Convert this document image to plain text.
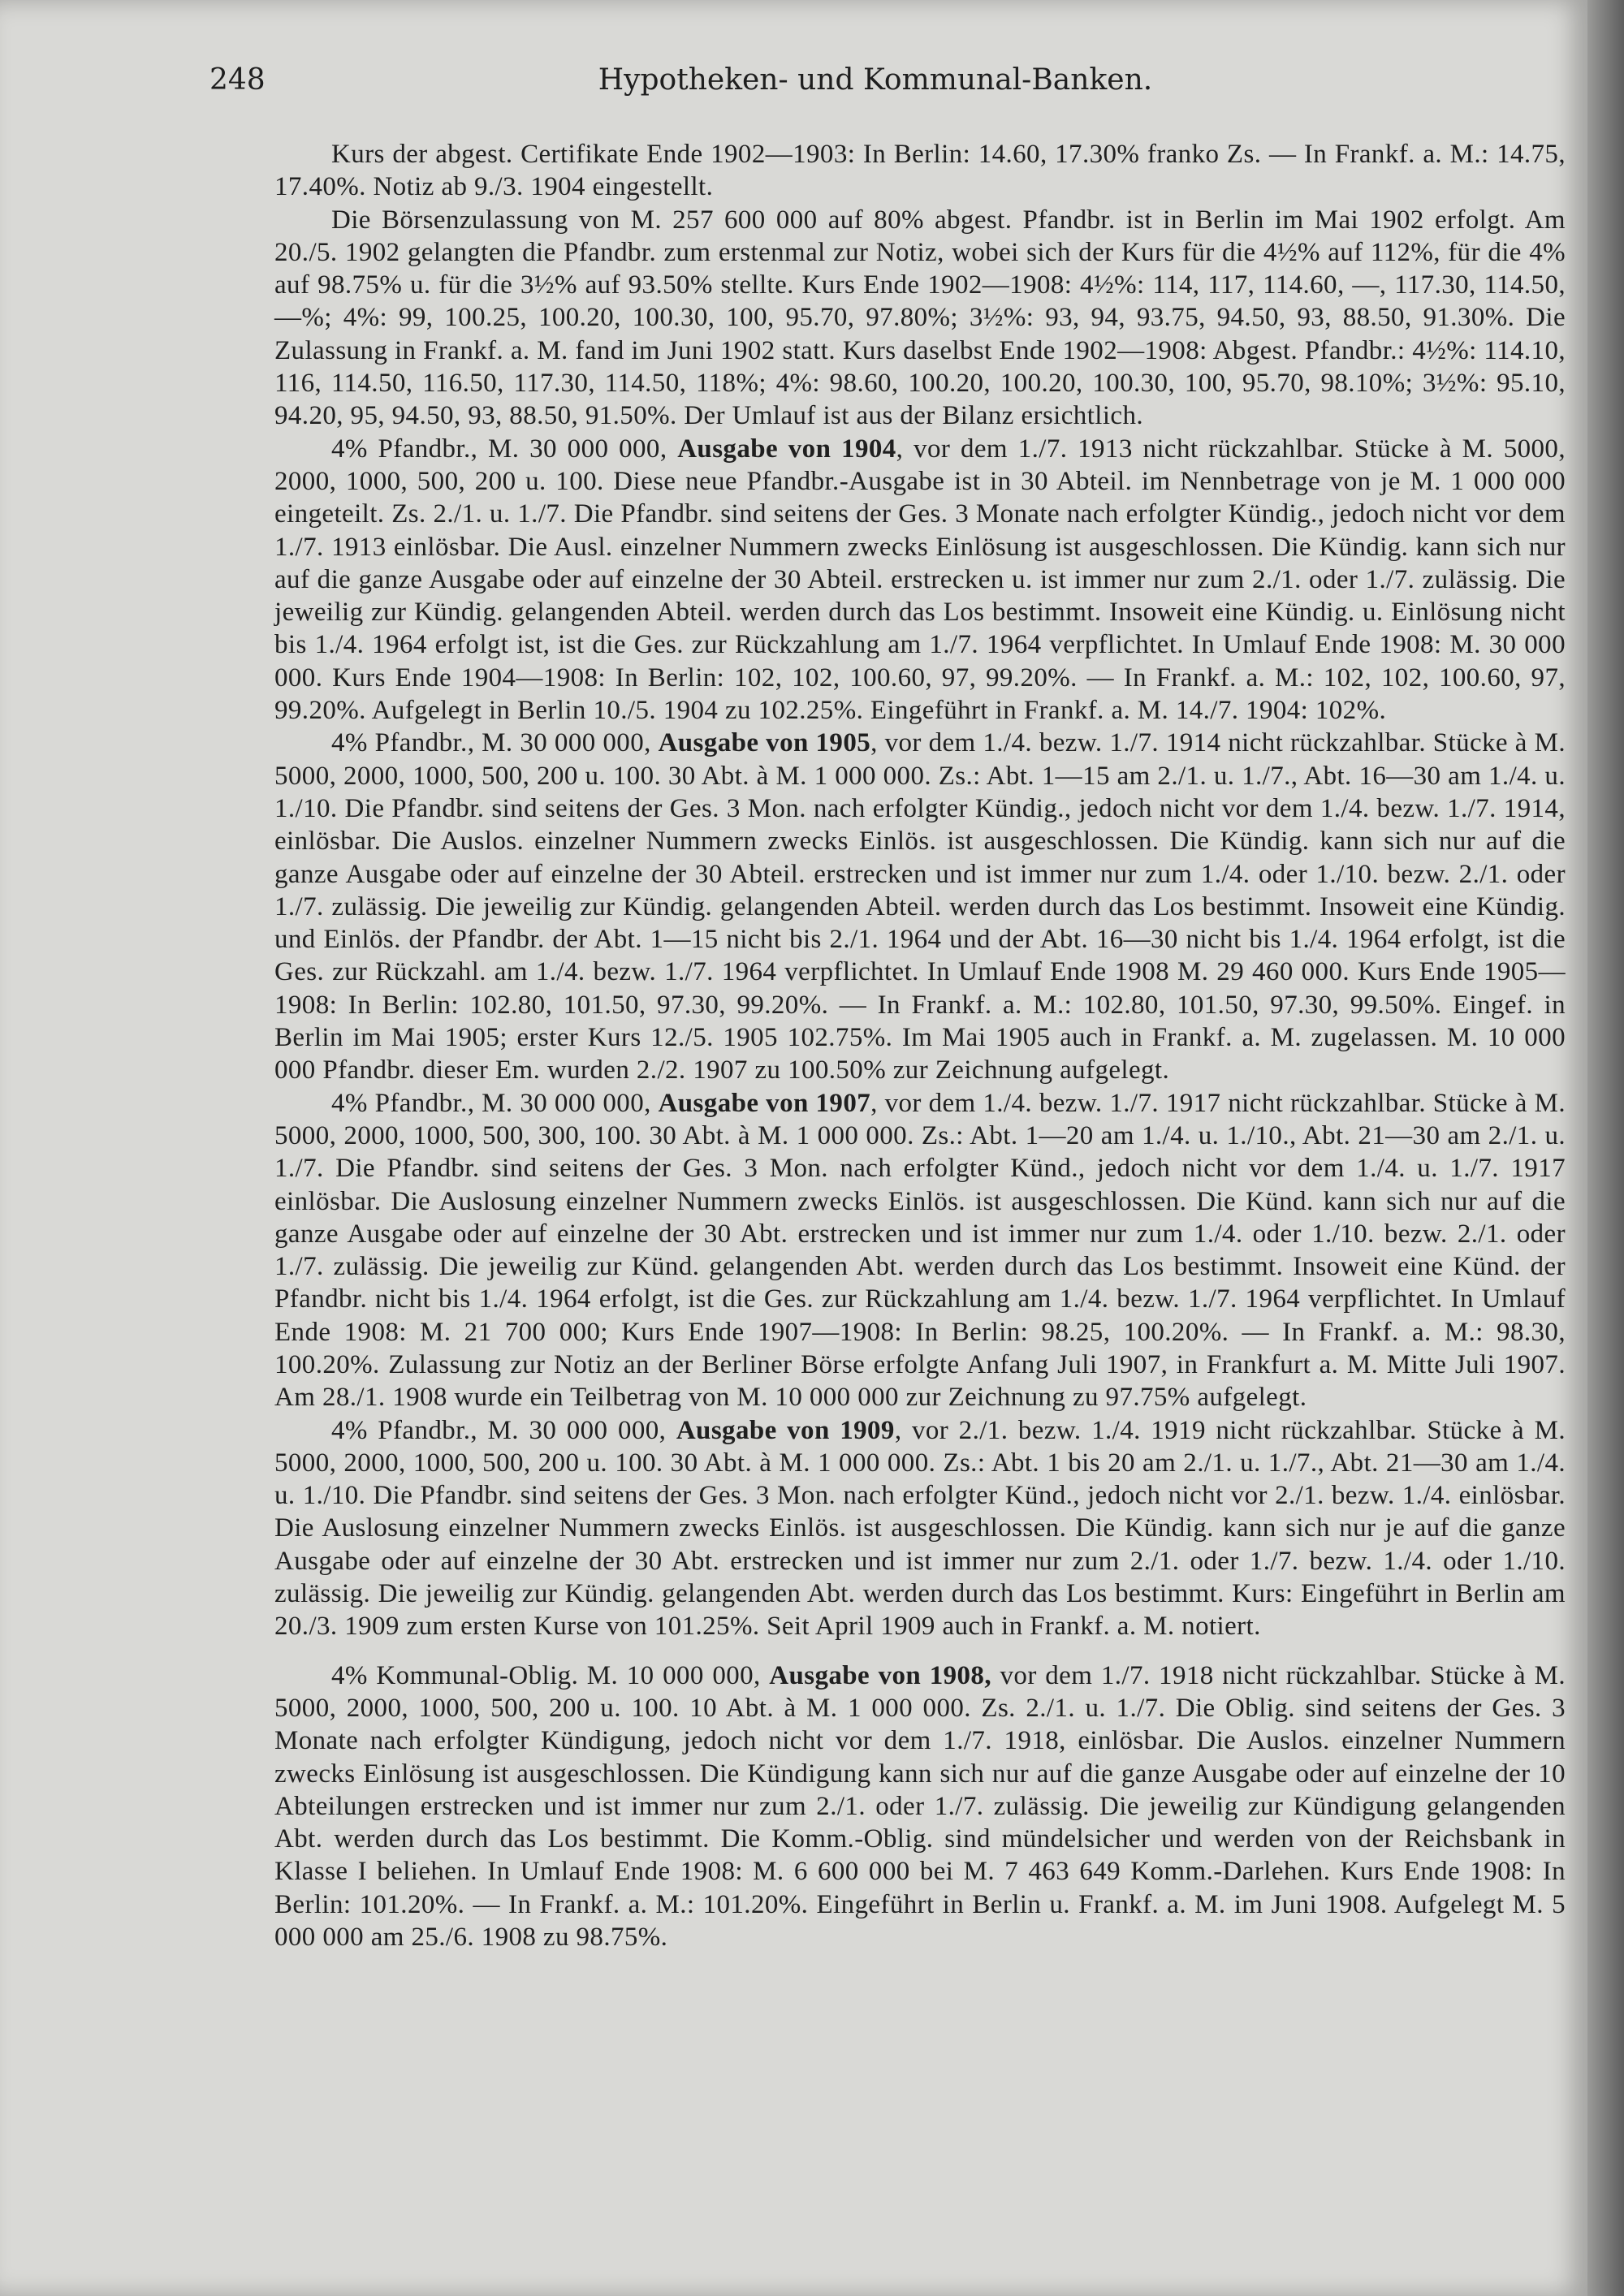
248	Hypotheken- und Kommunal-Banken.

Kurs der abgest. Certifikate Ende 1902—1903: In Berlin: 14.60, 17.30% franko Zs. — In Frankf. a. M.: 14.75, 17.40%. Notiz ab 9./3. 1904 eingestellt.

Die Börsenzulassung von M. 257 600 000 auf 80% abgest. Pfandbr. ist in Berlin im Mai 1902 erfolgt. Am 20./5. 1902 gelangten die Pfandbr. zum erstenmal zur Notiz, wobei sich der Kurs für die 4½% auf 112%, für die 4% auf 98.75% u. für die 3½% auf 93.50% stellte. Kurs Ende 1902—1908: 4½%: 114, 117, 114.60, —, 117.30, 114.50, —%; 4%: 99, 100.25, 100.20, 100.30, 100, 95.70, 97.80%; 3½%: 93, 94, 93.75, 94.50, 93, 88.50, 91.30%. Die Zulassung in Frankf. a. M. fand im Juni 1902 statt. Kurs daselbst Ende 1902—1908: Abgest. Pfandbr.: 4½%: 114.10, 116, 114.50, 116.50, 117.30, 114.50, 118%; 4%: 98.60, 100.20, 100.20, 100.30, 100, 95.70, 98.10%; 3½%: 95.10, 94.20, 95, 94.50, 93, 88.50, 91.50%. Der Umlauf ist aus der Bilanz ersichtlich.

4% Pfandbr., M. 30 000 000, Ausgabe von 1904, vor dem 1./7. 1913 nicht rückzahlbar. Stücke à M. 5000, 2000, 1000, 500, 200 u. 100. Diese neue Pfandbr.-Ausgabe ist in 30 Abteil. im Nennbetrage von je M. 1 000 000 eingeteilt. Zs. 2./1. u. 1./7. Die Pfandbr. sind seitens der Ges. 3 Monate nach erfolgter Kündig., jedoch nicht vor dem 1./7. 1913 einlösbar. Die Ausl. einzelner Nummern zwecks Einlösung ist ausgeschlossen. Die Kündig. kann sich nur auf die ganze Ausgabe oder auf einzelne der 30 Abteil. erstrecken u. ist immer nur zum 2./1. oder 1./7. zulässig. Die jeweilig zur Kündig. gelangenden Abteil. werden durch das Los bestimmt. Insoweit eine Kündig. u. Einlösung nicht bis 1./4. 1964 erfolgt ist, ist die Ges. zur Rückzahlung am 1./7. 1964 verpflichtet. In Umlauf Ende 1908: M. 30 000 000. Kurs Ende 1904—1908: In Berlin: 102, 102, 100.60, 97, 99.20%. — In Frankf. a. M.: 102, 102, 100.60, 97, 99.20%. Aufgelegt in Berlin 10./5. 1904 zu 102.25%. Eingeführt in Frankf. a. M. 14./7. 1904: 102%.

4% Pfandbr., M. 30 000 000, Ausgabe von 1905, vor dem 1./4. bezw. 1./7. 1914 nicht rückzahlbar. Stücke à M. 5000, 2000, 1000, 500, 200 u. 100. 30 Abt. à M. 1 000 000. Zs.: Abt. 1—15 am 2./1. u. 1./7., Abt. 16—30 am 1./4. u. 1./10. Die Pfandbr. sind seitens der Ges. 3 Mon. nach erfolgter Kündig., jedoch nicht vor dem 1./4. bezw. 1./7. 1914, einlösbar. Die Auslos. einzelner Nummern zwecks Einlös. ist ausgeschlossen. Die Kündig. kann sich nur auf die ganze Ausgabe oder auf einzelne der 30 Abteil. erstrecken und ist immer nur zum 1./4. oder 1./10. bezw. 2./1. oder 1./7. zulässig. Die jeweilig zur Kündig. gelangenden Abteil. werden durch das Los bestimmt. Insoweit eine Kündig. und Einlös. der Pfandbr. der Abt. 1—15 nicht bis 2./1. 1964 und der Abt. 16—30 nicht bis 1./4. 1964 erfolgt, ist die Ges. zur Rückzahl. am 1./4. bezw. 1./7. 1964 verpflichtet. In Umlauf Ende 1908 M. 29 460 000. Kurs Ende 1905—1908: In Berlin: 102.80, 101.50, 97.30, 99.20%. — In Frankf. a. M.: 102.80, 101.50, 97.30, 99.50%. Eingef. in Berlin im Mai 1905; erster Kurs 12./5. 1905 102.75%. Im Mai 1905 auch in Frankf. a. M. zugelassen. M. 10 000 000 Pfandbr. dieser Em. wurden 2./2. 1907 zu 100.50% zur Zeichnung aufgelegt.

4% Pfandbr., M. 30 000 000, Ausgabe von 1907, vor dem 1./4. bezw. 1./7. 1917 nicht rückzahlbar. Stücke à M. 5000, 2000, 1000, 500, 300, 100. 30 Abt. à M. 1 000 000. Zs.: Abt. 1—20 am 1./4. u. 1./10., Abt. 21—30 am 2./1. u. 1./7. Die Pfandbr. sind seitens der Ges. 3 Mon. nach erfolgter Künd., jedoch nicht vor dem 1./4. u. 1./7. 1917 einlösbar. Die Auslosung einzelner Nummern zwecks Einlös. ist ausgeschlossen. Die Künd. kann sich nur auf die ganze Ausgabe oder auf einzelne der 30 Abt. erstrecken und ist immer nur zum 1./4. oder 1./10. bezw. 2./1. oder 1./7. zulässig. Die jeweilig zur Künd. gelangenden Abt. werden durch das Los bestimmt. Insoweit eine Künd. der Pfandbr. nicht bis 1./4. 1964 erfolgt, ist die Ges. zur Rückzahlung am 1./4. bezw. 1./7. 1964 verpflichtet. In Umlauf Ende 1908: M. 21 700 000; Kurs Ende 1907—1908: In Berlin: 98.25, 100.20%. — In Frankf. a. M.: 98.30, 100.20%. Zulassung zur Notiz an der Berliner Börse erfolgte Anfang Juli 1907, in Frankfurt a. M. Mitte Juli 1907. Am 28./1. 1908 wurde ein Teilbetrag von M. 10 000 000 zur Zeichnung zu 97.75% aufgelegt.

4% Pfandbr., M. 30 000 000, Ausgabe von 1909, vor 2./1. bezw. 1./4. 1919 nicht rückzahlbar. Stücke à M. 5000, 2000, 1000, 500, 200 u. 100. 30 Abt. à M. 1 000 000. Zs.: Abt. 1 bis 20 am 2./1. u. 1./7., Abt. 21—30 am 1./4. u. 1./10. Die Pfandbr. sind seitens der Ges. 3 Mon. nach erfolgter Künd., jedoch nicht vor 2./1. bezw. 1./4. einlösbar. Die Auslosung einzelner Nummern zwecks Einlös. ist ausgeschlossen. Die Kündig. kann sich nur je auf die ganze Ausgabe oder auf einzelne der 30 Abt. erstrecken und ist immer nur zum 2./1. oder 1./7. bezw. 1./4. oder 1./10. zulässig. Die jeweilig zur Kündig. gelangenden Abt. werden durch das Los bestimmt. Kurs: Eingeführt in Berlin am 20./3. 1909 zum ersten Kurse von 101.25%. Seit April 1909 auch in Frankf. a. M. notiert.

4% Kommunal-Oblig. M. 10 000 000, Ausgabe von 1908, vor dem 1./7. 1918 nicht rückzahlbar. Stücke à M. 5000, 2000, 1000, 500, 200 u. 100. 10 Abt. à M. 1 000 000. Zs. 2./1. u. 1./7. Die Oblig. sind seitens der Ges. 3 Monate nach erfolgter Kündigung, jedoch nicht vor dem 1./7. 1918, einlösbar. Die Auslos. einzelner Nummern zwecks Einlösung ist ausgeschlossen. Die Kündigung kann sich nur auf die ganze Ausgabe oder auf einzelne der 10 Abteilungen erstrecken und ist immer nur zum 2./1. oder 1./7. zulässig. Die jeweilig zur Kündigung gelangenden Abt. werden durch das Los bestimmt. Die Komm.-Oblig. sind mündelsicher und werden von der Reichsbank in Klasse I beliehen. In Umlauf Ende 1908: M. 6 600 000 bei M. 7 463 649 Komm.-Darlehen. Kurs Ende 1908: In Berlin: 101.20%. — In Frankf. a. M.: 101.20%. Eingeführt in Berlin u. Frankf. a. M. im Juni 1908. Aufgelegt M. 5 000 000 am 25./6. 1908 zu 98.75%.
